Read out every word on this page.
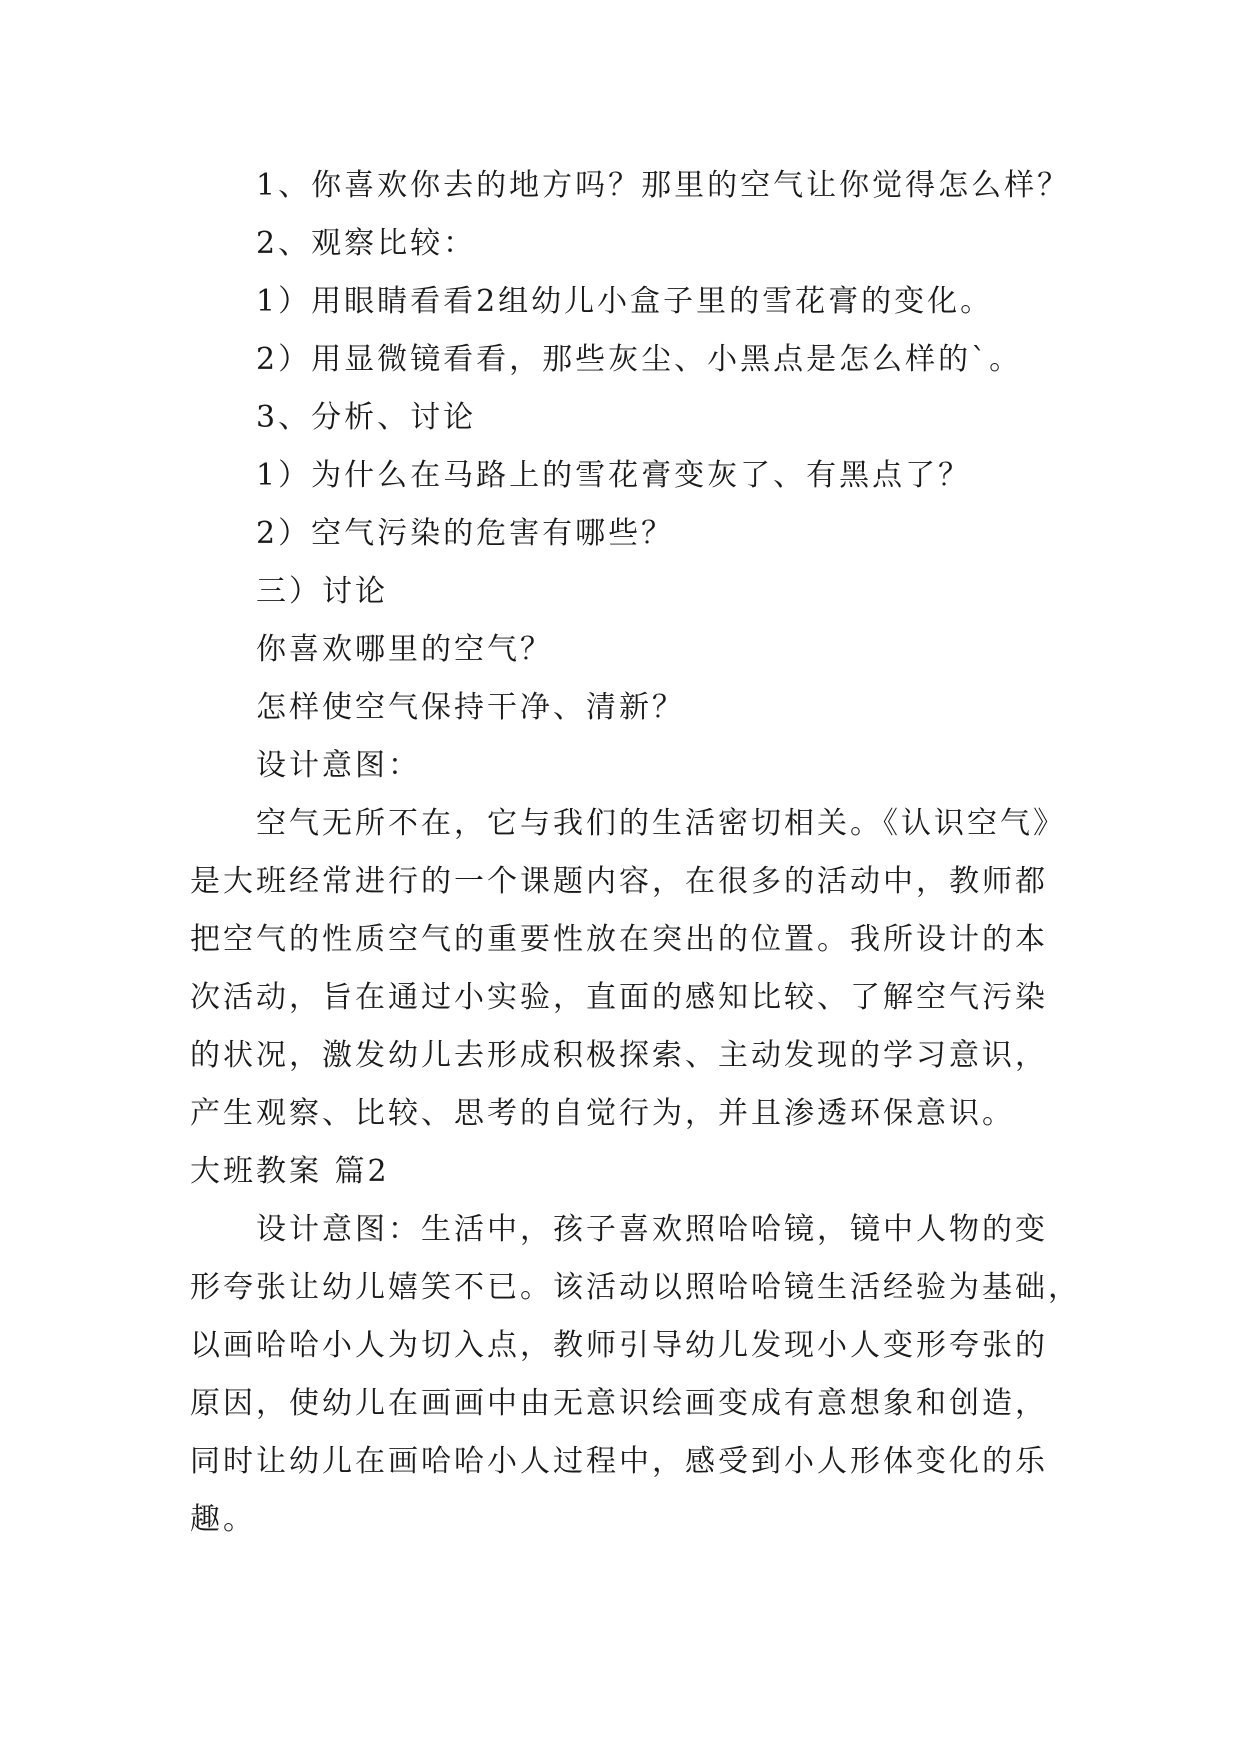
1、你喜欢你去的地方吗？那里的空气让你觉得怎么样？
2、观察比较：
1）用眼睛看看2组幼儿小盒子里的雪花膏的变化。
2）用显微镜看看，那些灰尘、小黑点是怎么样的`。
3、分析、讨论
1）为什么在马路上的雪花膏变灰了、有黑点了？
2）空气污染的危害有哪些？
三）讨论
你喜欢哪里的空气？
怎样使空气保持干净、清新？
设计意图：
空气无所不在，它与我们的生活密切相关。《认识空气》
是大班经常进行的一个课题内容，在很多的活动中，教师都
把空气的性质空气的重要性放在突出的位置。我所设计的本
次活动，旨在通过小实验，直面的感知比较、了解空气污染
的状况，激发幼儿去形成积极探索、主动发现的学习意识，
产生观察、比较、思考的自觉行为，并且渗透环保意识。
大班教案 篇2
设计意图：生活中，孩子喜欢照哈哈镜，镜中人物的变
形夸张让幼儿嬉笑不已。该活动以照哈哈镜生活经验为基础，
以画哈哈小人为切入点，教师引导幼儿发现小人变形夸张的
原因，使幼儿在画画中由无意识绘画变成有意想象和创造，
同时让幼儿在画哈哈小人过程中，感受到小人形体变化的乐
趣。
